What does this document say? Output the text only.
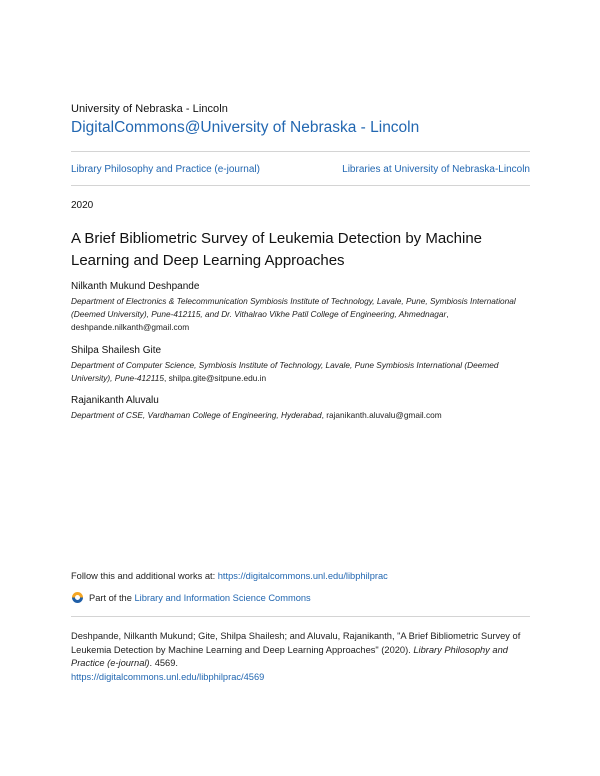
University of Nebraska - Lincoln
DigitalCommons@University of Nebraska - Lincoln
Library Philosophy and Practice (e-journal)	Libraries at University of Nebraska-Lincoln
2020
A Brief Bibliometric Survey of Leukemia Detection by Machine Learning and Deep Learning Approaches
Nilkanth Mukund Deshpande
Department of Electronics & Telecommunication Symbiosis Institute of Technology, Lavale, Pune, Symbiosis International (Deemed University), Pune-412115, and Dr. Vithalrao Vikhe Patil College of Engineering, Ahmednagar, deshpande.nilkanth@gmail.com
Shilpa Shailesh Gite
Department of Computer Science, Symbiosis Institute of Technology, Lavale, Pune Symbiosis International (Deemed University), Pune-412115, shilpa.gite@sitpune.edu.in
Rajanikanth Aluvalu
Department of CSE, Vardhaman College of Engineering, Hyderabad, rajanikanth.aluvalu@gmail.com
Follow this and additional works at: https://digitalcommons.unl.edu/libphilprac
Part of the
Library and Information Science Commons
Deshpande, Nilkanth Mukund; Gite, Shilpa Shailesh; and Aluvalu, Rajanikanth, "A Brief Bibliometric Survey of Leukemia Detection by Machine Learning and Deep Learning Approaches" (2020). Library Philosophy and Practice (e-journal). 4569.
https://digitalcommons.unl.edu/libphilprac/4569
